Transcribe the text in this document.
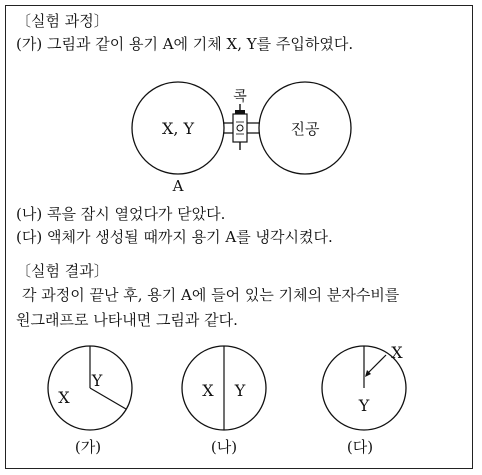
〔실험 과정〕
(가) 그림과 같이 용기 A에 기체 X, Y를 주입하였다.
X, Y	진공
콕
A
X
Y
(가)
X Y
(나)
X
Y
(다)
(나) 콕을 잠시 열었다가 닫았다.
(다) 액체가 생성될 때까지 용기 A를 냉각시켰다.
〔실험 결과〕
각 과정이 끝난 후, 용기 A에 들어 있는 기체의 분자수비를
원그래프로 나타내면 그림과 같다.
